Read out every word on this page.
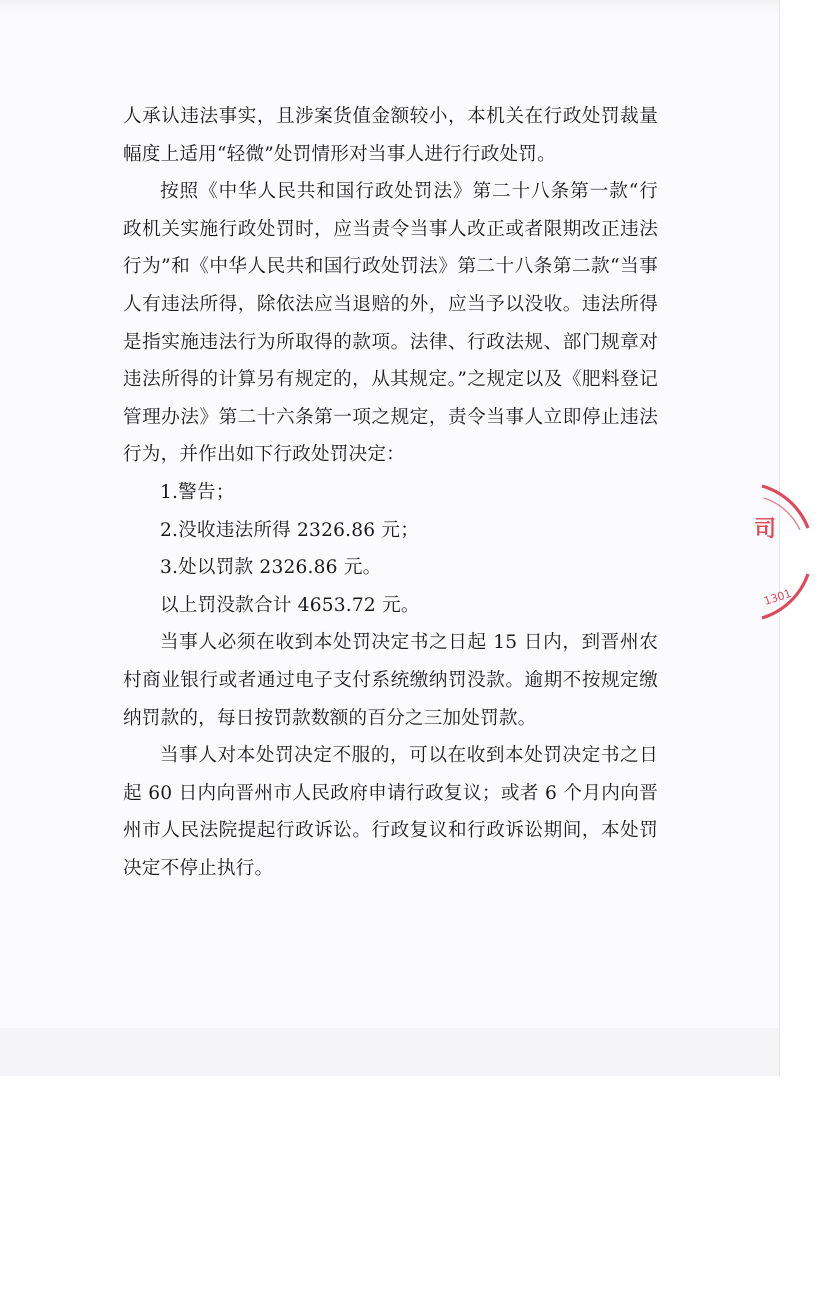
人承认违法事实，且涉案货值金额较小，本机关在行政处罚裁量幅度上适用“轻微”处罚情形对当事人进行行政处罚。

按照《中华人民共和国行政处罚法》第二十八条第一款“行政机关实施行政处罚时，应当责令当事人改正或者限期改正违法行为”和《中华人民共和国行政处罚法》第二十八条第二款“当事人有违法所得，除依法应当退赔的外，应当予以没收。违法所得是指实施违法行为所取得的款项。法律、行政法规、部门规章对违法所得的计算另有规定的，从其规定。”之规定以及《肥料登记管理办法》第二十六条第一项之规定，责令当事人立即停止违法行为，并作出如下行政处罚决定：

1.警告；

2.没收违法所得 2326.86 元；

3.处以罚款 2326.86 元。

以上罚没款合计 4653.72 元。

当事人必须在收到本处罚决定书之日起 15 日内，到晋州农村商业银行或者通过电子支付系统缴纳罚没款。逾期不按规定缴纳罚款的，每日按罚款数额的百分之三加处罚款。

当事人对本处罚决定不服的，可以在收到本处罚决定书之日起 60 日内向晋州市人民政府申请行政复议；或者 6 个月内向晋州市人民法院提起行政诉讼。行政复议和行政诉讼期间，本处罚决定不停止执行。

司
1301
